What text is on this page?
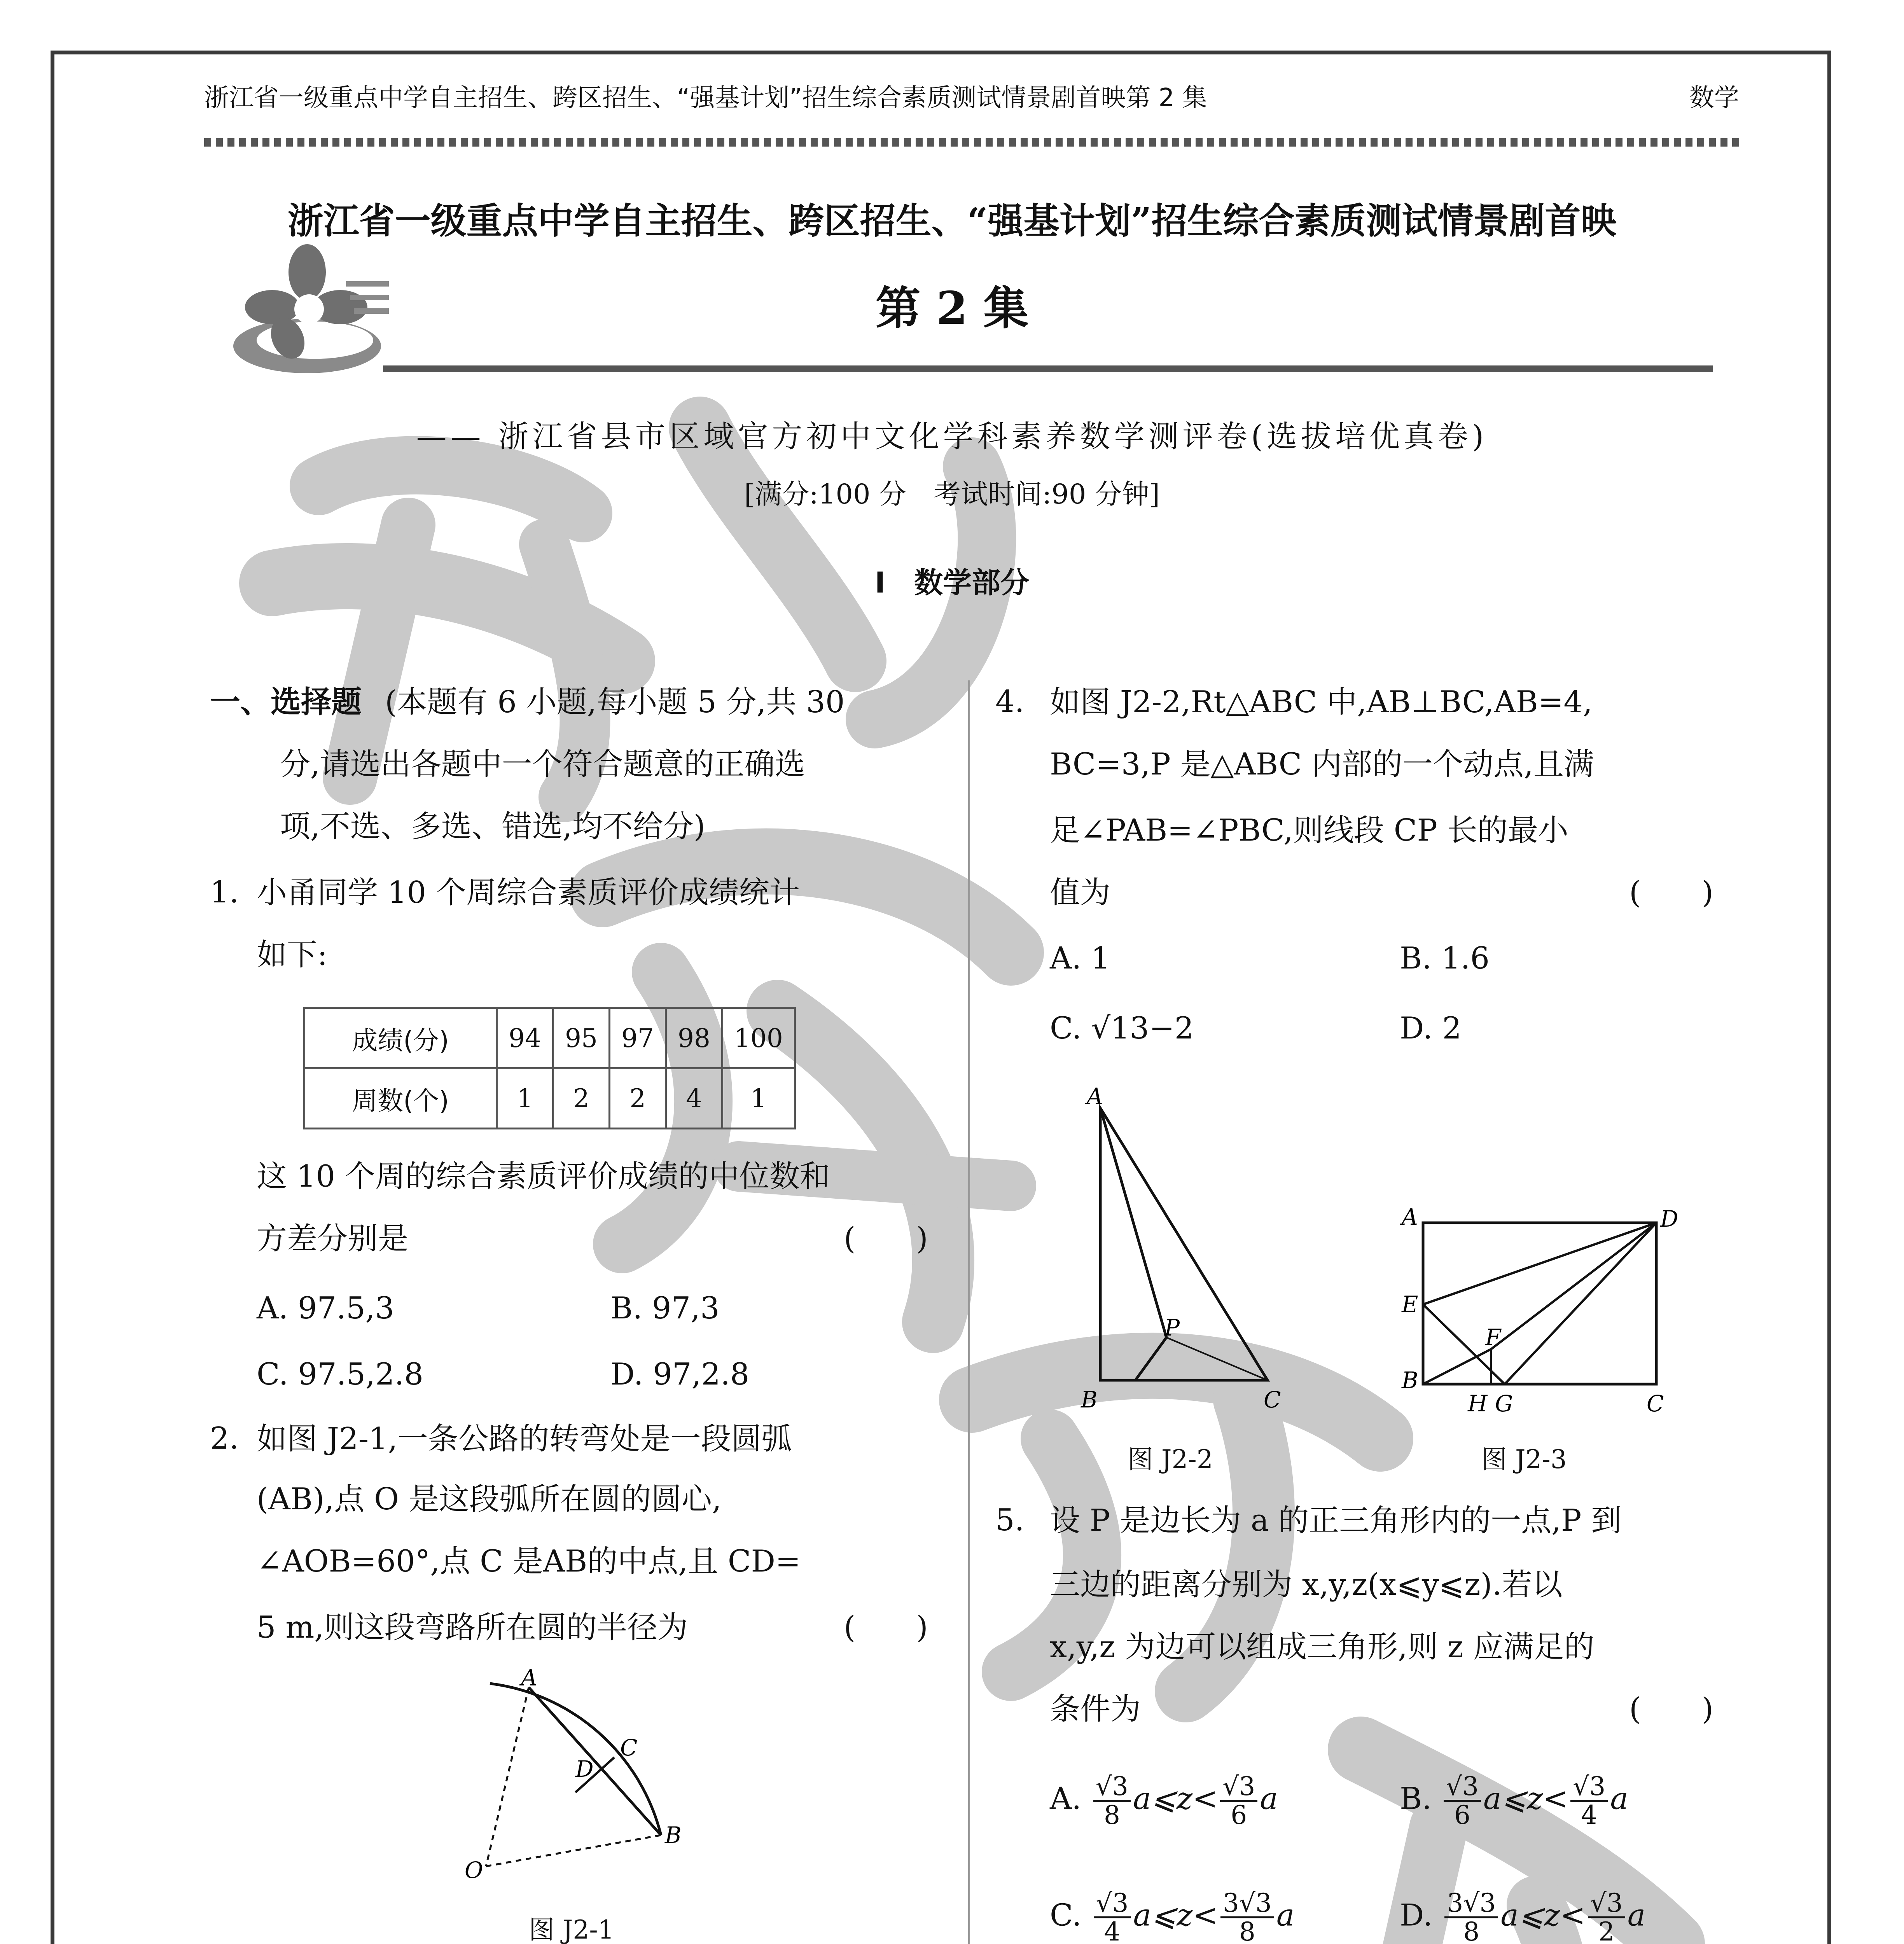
浙江省一级重点中学自主招生、跨区招生、“强基计划”招生综合素质测试情景剧首映第 2 集	数学
浙江省一级重点中学自主招生、跨区招生、“强基计划”招生综合素质测试情景剧首映
第 2 集
—— 浙江省县市区域官方初中文化学科素养数学测评卷(选拔培优真卷)
[满分:100 分　考试时间:90 分钟]
Ⅰ　数学部分
一、选择题 (本题有 6 小题,每小题 5 分,共 30
分,请选出各题中一个符合题意的正确选
项,不选、多选、错选,均不给分)
1. 小甬同学 10 个周综合素质评价成绩统计
如下:
成绩(分)	94	95	97	98	100
周数(个)	1	2	2	4	1
这 10 个周的综合素质评价成绩的中位数和
方差分别是	(　　)
A. 97.5,3	B. 97,3
C. 97.5,2.8	D. 97,2.8
2. 如图 J2-1,一条公路的转弯处是一段圆弧
(AB),点 O 是这段弧所在圆的圆心,
∠AOB=60°,点 C 是AB的中点,且 CD=
5 m,则这段弯路所在圆的半径为	(　　)
A
C
D
B
O
图 J2-1
4. 如图 J2-2,Rt△ABC 中,AB⊥BC,AB=4,
BC=3,P 是△ABC 内部的一个动点,且满
足∠PAB=∠PBC,则线段 CP 长的最小
值为	(　　)
A. 1	B. 1.6
C. √13−2	D. 2
A
P
B	C
图 J2-2
A	D
E
F
B
H G	C
图 J2-3
5. 设 P 是边长为 a 的正三角形内的一点,P 到
三边的距离分别为 x,y,z(x⩽y⩽z).若以
x,y,z 为边可以组成三角形,则 z 应满足的
条件为	(　　)
A. $\frac{√3}{8}$ a⩽z< $\frac{√3}{6}$ a	B. $\frac{√3}{6}$ a⩽z< $\frac{√3}{4}$ a
C. $\frac{√3}{4}$ a⩽z< $\frac{3√3}{8}$ a	D. $\frac{3√3}{8}$ a⩽z< $\frac{√3}{2}$ a
